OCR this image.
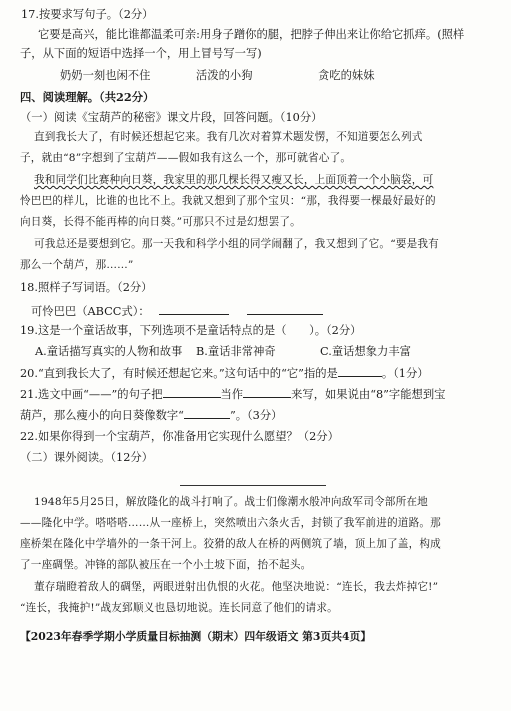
17.按要求写句子。（2分）
它要是高兴，能比谁都温柔可亲:用身子蹭你的腿，把脖子伸出来让你给它抓痒。(照样
子，从下面的短语中选择一个，用上冒号写一写)
奶奶一刻也闲不住	活泼的小狗	贪吃的妹妹
四、阅读理解。（共22分）
（一）阅读《宝葫芦的秘密》课文片段，回答问题。（10分）
直到我长大了，有时候还想起它来。我有几次对着算术题发愣，不知道要怎么列式
子，就由“8”字想到了宝葫芦——假如我有这么一个，那可就省心了。
我和同学们比赛种向日葵，我家里的那几棵长得又瘦又长，上面顶着一个小脑袋，可
怜巴巴的样儿，比谁的也比不上。我就又想到了那个宝贝：“那，我得要一棵最好最好的
向日葵，长得不能再棒的向日葵。”可那只不过是幻想罢了。
可我总还是要想到它。那一天我和科学小组的同学闹翻了，我又想到了它。“要是我有
那么一个葫芦，那……”
18.照样子写词语。（2分）
可怜巴巴（ABCC式）：
19.这是一个童话故事，下列选项不是童话特点的是（　　）。（2分）
A.童话描写真实的人物和故事 B.童话非常神奇	C.童话想象力丰富
20.“直到我长大了，有时候还想起它来。”这句话中的“它”指的是	。（1分）
21.选文中画“——”的句子把	当作	来写，如果说由“8”字能想到宝
葫芦，那么瘦小的向日葵像数字“	”。（3分）
22.如果你得到一个宝葫芦，你准备用它实现什么愿望？（2分）
（二）课外阅读。（12分）
1948年5月25日，解放隆化的战斗打响了。战士们像潮水般冲向敌军司令部所在地
——隆化中学。嗒嗒嗒……从一座桥上，突然喷出六条火舌，封锁了我军前进的道路。那
座桥架在隆化中学墙外的一条干河上。狡猾的敌人在桥的两侧筑了墙，顶上加了盖，构成
了一座碉堡。冲锋的部队被压在一个小土坡下面，抬不起头。
董存瑞瞪着敌人的碉堡，两眼迸射出仇恨的火花。他坚决地说：“连长，我去炸掉它!”
“连长，我掩护!”战友郅顺义也恳切地说。连长同意了他们的请求。
【2023年春季学期小学质量目标抽测（期末）四年级语文 第3页共4页】
